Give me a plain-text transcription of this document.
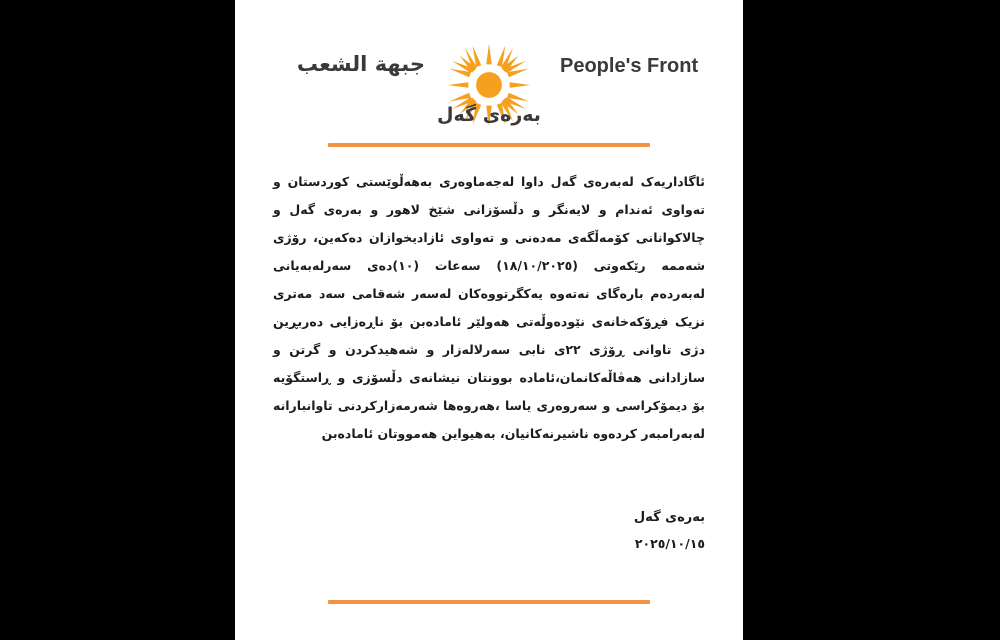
جبهة الشعب
بەرەی گەل
People's Front
ئاگاداریەک لەبەرەی گەل داوا لەجەماوەری بەهەڵوێستی کوردستان و تەواوی ئەندام و لایەنگر و دڵسۆزانی شێخ لاهور و بەرەی گەل و چالاکوانانی کۆمەڵگەی مەدەنی و تەواوی ئازادیخوازان دەکەین، رۆژی شەممە رێکەوتی (١٨/١٠/٢٠٢٥) سەعات (١٠)دەی سەرلەبەیانی لەبەردەم بارەگای نەتەوە یەکگرتووەکان لەسەر شەقامی سەد مەتری نزیک فڕۆکەخانەی نێودەوڵەتی هەولێر ئامادەبن بۆ ناڕەزایی دەربڕین دژی تاوانی ڕۆژی ٢٢ی نابی سەرلالەزار و شەهیدکردن و گرتن و سازادانی هەڤاڵەکانمان،ئامادە بوونتان نیشانەی دڵسۆزی و ڕاستگۆیە بۆ دیمۆکراسی و سەروەری یاسا ،هەروەها شەرمەزارکردنی تاوانبارانە لەبەرامبەر کردەوە ناشیرنەکانیان، بەهیواین هەمووتان ئامادەبن
بەرەی گەل
٢٠٢٥/١٠/١٥
